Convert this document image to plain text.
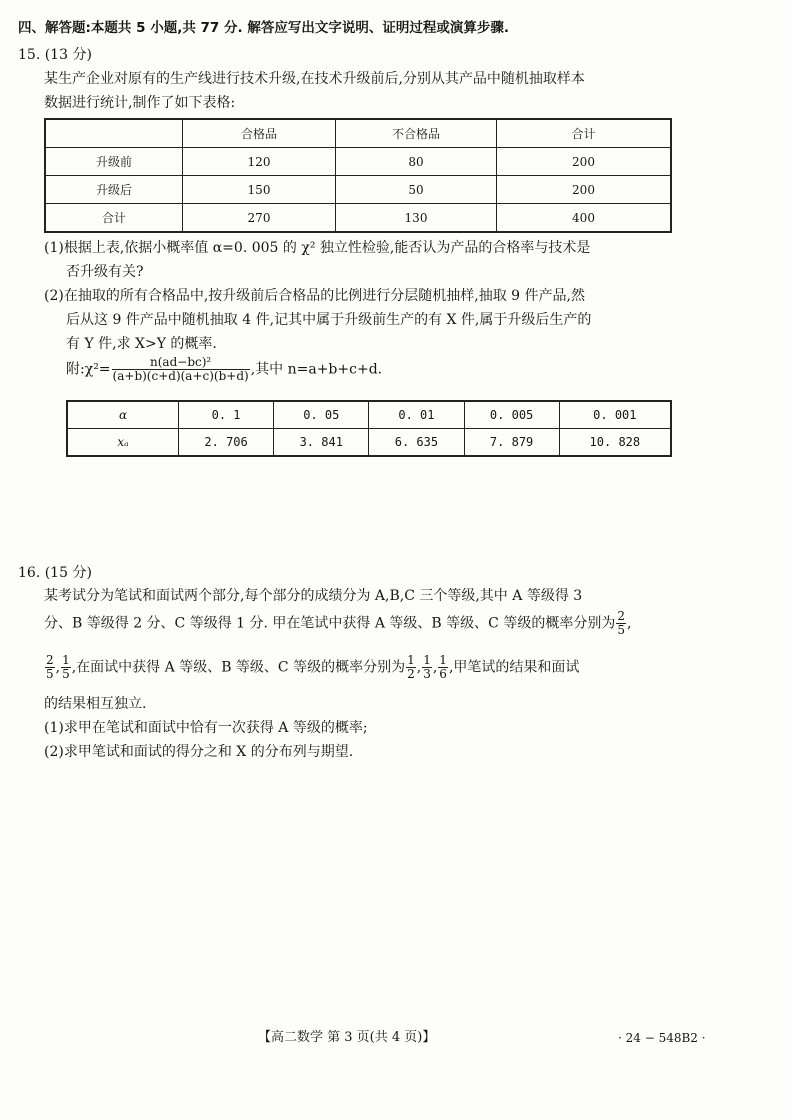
四、解答题:本题共 5 小题,共 77 分. 解答应写出文字说明、证明过程或演算步骤.
15. (13 分)
某生产企业对原有的生产线进行技术升级,在技术升级前后,分别从其产品中随机抽取样本
数据进行统计,制作了如下表格:
	合格品	不合格品	合计
升级前	120	80	200
升级后	150	50	200
合计	270	130	400
(1)根据上表,依据小概率值 α=0. 005 的 χ² 独立性检验,能否认为产品的合格率与技术是
否升级有关?
(2)在抽取的所有合格品中,按升级前后合格品的比例进行分层随机抽样,抽取 9 件产品,然
后从这 9 件产品中随机抽取 4 件,记其中属于升级前生产的有 X 件,属于升级后生产的
有 Y 件,求 X>Y 的概率.
附:χ²= $\frac{\text{n(ad−bc)²}}{(a+b)(c+d)(a+c)(b+d)}$ ,其中 n=a+b+c+d.
α	0. 1	0. 05	0. 01	0. 005	0. 001
xₐ	2. 706	3. 841	6. 635	7. 879	10. 828
16. (15 分)
某考试分为笔试和面试两个部分,每个部分的成绩分为 A,B,C 三个等级,其中 A 等级得 3
分、B 等级得 2 分、C 等级得 1 分. 甲在笔试中获得 A 等级、B 等级、C 等级的概率分别为 $\frac{2}{5}$ ,
$\frac{2}{5}$ , $\frac{1}{5}$ ,在面试中获得 A 等级、B 等级、C 等级的概率分别为 $\frac{1}{2}$ , $\frac{1}{3}$ , $\frac{1}{6}$ ,甲笔试的结果和面试
的结果相互独立.
(1)求甲在笔试和面试中恰有一次获得 A 等级的概率;
(2)求甲笔试和面试的得分之和 X 的分布列与期望.
【高二数学 第 3 页(共 4 页)】	· 24 − 548B2 ·
